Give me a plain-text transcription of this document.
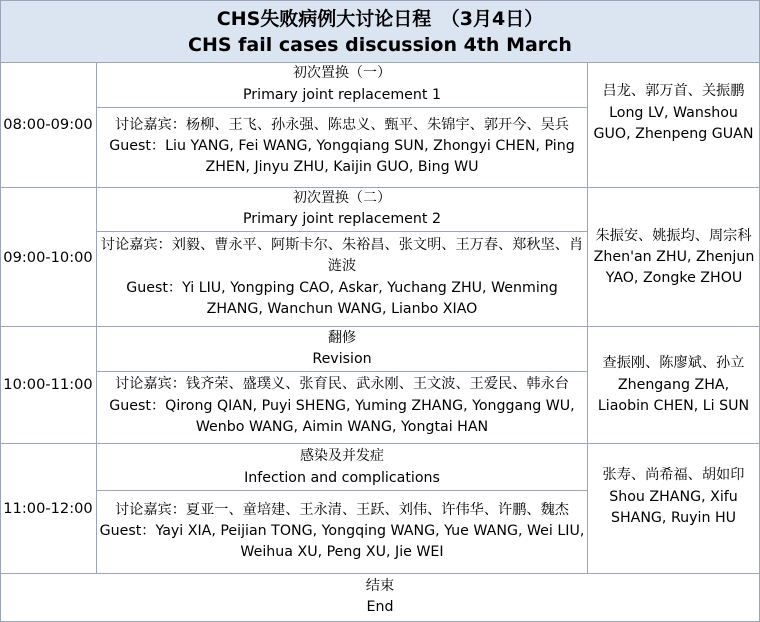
CHS失败病例大讨论日程　（3月4日）
CHS fail cases discussion 4th March
08:00-09:00
初次置换（一）
Primary joint replacement 1
讨论嘉宾：杨柳、王飞、孙永强、陈忠义、甄平、朱锦宇、郭开今、吴兵
Guest：Liu YANG, Fei WANG, Yongqiang SUN, Zhongyi CHEN, Ping ZHEN, Jinyu ZHU, Kaijin GUO, Bing WU
吕龙、郭万首、关振鹏
Long LV, Wanshou GUO, Zhenpeng GUAN
09:00-10:00
初次置换（二）
Primary joint replacement 2
讨论嘉宾：刘毅、曹永平、阿斯卡尔、朱裕昌、张文明、王万春、郑秋坚、肖涟波
Guest：Yi LIU, Yongping CAO, Askar, Yuchang ZHU, Wenming ZHANG, Wanchun WANG, Lianbo XIAO
朱振安、姚振均、周宗科
Zhen'an ZHU, Zhenjun YAO, Zongke ZHOU
10:00-11:00
翻修
Revision
讨论嘉宾：钱齐荣、盛璞义、张育民、武永刚、王文波、王爱民、韩永台
Guest：Qirong QIAN, Puyi SHENG, Yuming ZHANG, Yonggang WU, Wenbo WANG, Aimin WANG, Yongtai HAN
查振刚、陈廖斌、孙立
Zhengang ZHA, Liaobin CHEN, Li SUN
11:00-12:00
感染及并发症
Infection and complications
讨论嘉宾：夏亚一、童培建、王永清、王跃、刘伟、许伟华、许鹏、魏杰
Guest：Yayi XIA, Peijian TONG, Yongqing WANG, Yue WANG, Wei LIU, Weihua XU, Peng XU, Jie WEI
张寿、尚希福、胡如印
Shou ZHANG, Xifu SHANG, Ruyin HU
结束
End
